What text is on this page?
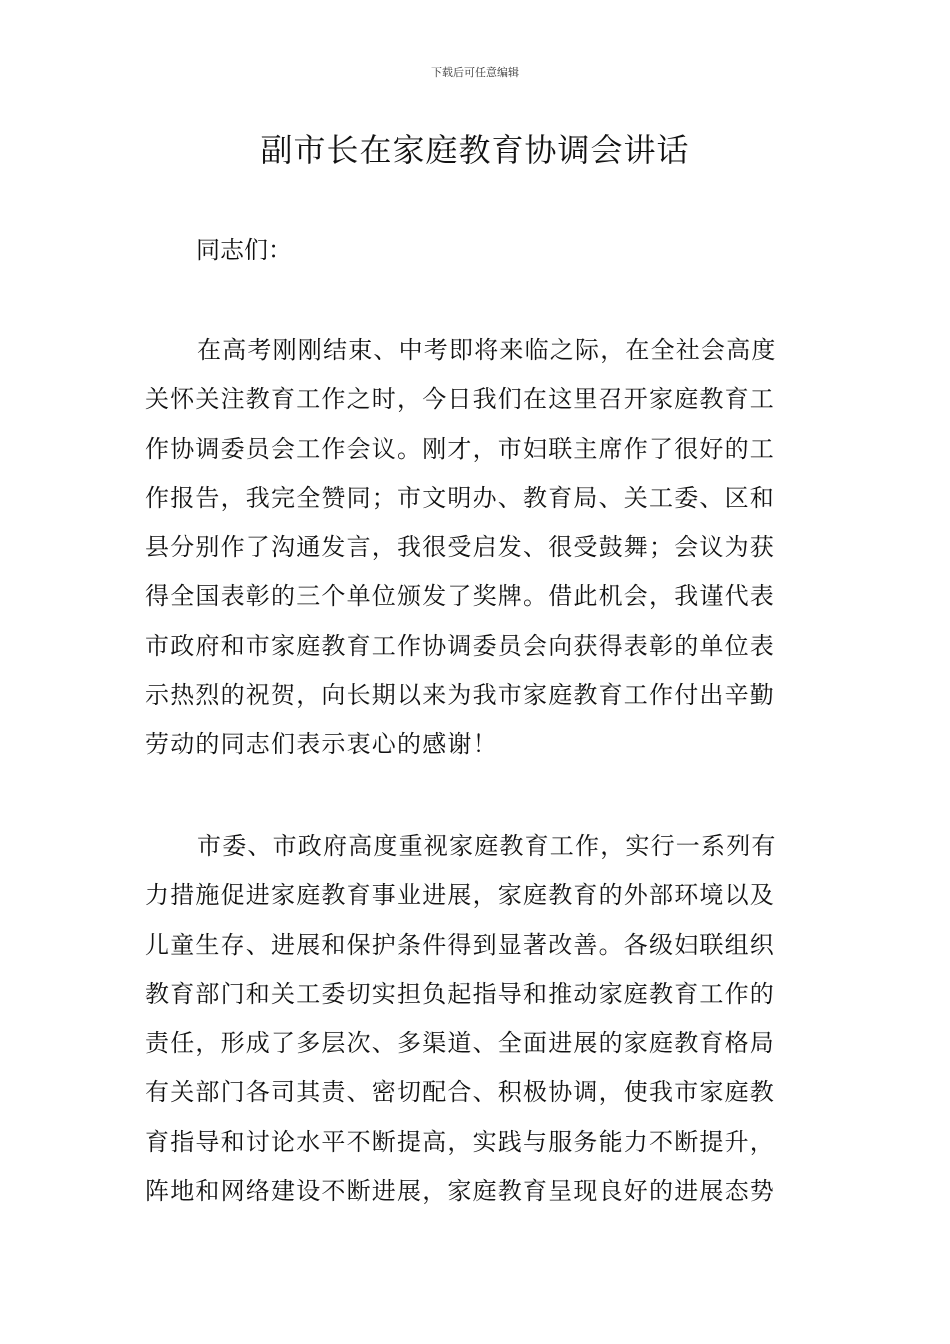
下载后可任意编辑
副市长在家庭教育协调会讲话
同志们：
在高考刚刚结束、中考即将来临之际，在全社会高度
关怀关注教育工作之时，今日我们在这里召开家庭教育工
作协调委员会工作会议。刚才，市妇联主席作了很好的工
作报告，我完全赞同；市文明办、教育局、关工委、区和
县分别作了沟通发言，我很受启发、很受鼓舞；会议为获
得全国表彰的三个单位颁发了奖牌。借此机会，我谨代表
市政府和市家庭教育工作协调委员会向获得表彰的单位表
示热烈的祝贺，向长期以来为我市家庭教育工作付出辛勤
劳动的同志们表示衷心的感谢！
市委、市政府高度重视家庭教育工作，实行一系列有
力措施促进家庭教育事业进展，家庭教育的外部环境以及
儿童生存、进展和保护条件得到显著改善。各级妇联组织
教育部门和关工委切实担负起指导和推动家庭教育工作的
责任，形成了多层次、多渠道、全面进展的家庭教育格局
有关部门各司其责、密切配合、积极协调，使我市家庭教
育指导和讨论水平不断提高，实践与服务能力不断提升，
阵地和网络建设不断进展，家庭教育呈现良好的进展态势
